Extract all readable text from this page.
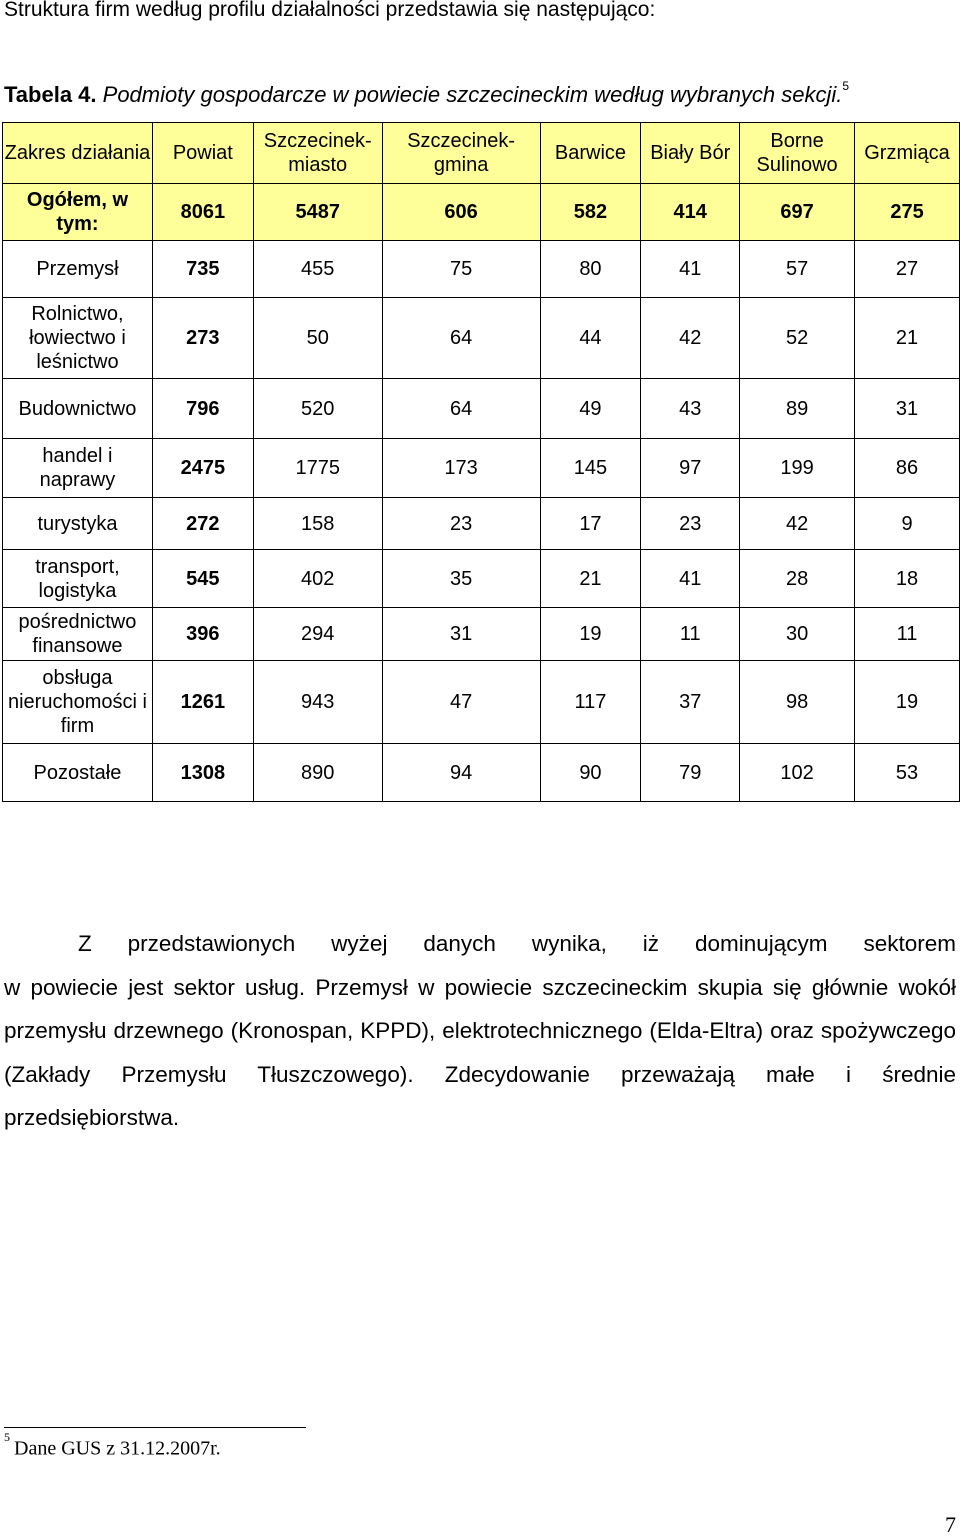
Struktura firm według profilu działalności przedstawia się następująco:
Tabela 4. Podmioty gospodarcze w powiecie szczecineckim według wybranych sekcji.$^5$
Zakres działania	Powiat	Szczecinek-miasto	Szczecinek-gmina	Barwice	Biały Bór	Borne Sulinowo	Grzmiąca
Ogółem, w tym:	8061	5487	606	582	414	697	275
Przemysł	735	455	75	80	41	57	27
Rolnictwo, łowiectwo i leśnictwo	273	50	64	44	42	52	21
Budownictwo	796	520	64	49	43	89	31
handel i naprawy	2475	1775	173	145	97	199	86
turystyka	272	158	23	17	23	42	9
transport, logistyka	545	402	35	21	41	28	18
pośrednictwo finansowe	396	294	31	19	11	30	11
obsługa nieruchomości i firm	1261	943	47	117	37	98	19
Pozostałe	1308	890	94	90	79	102	53
Z przedstawionych wyżej danych wynika, iż dominującym sektorem
w powiecie jest sektor usług. Przemysł w powiecie szczecineckim skupia się głównie wokół przemysłu drzewnego (Kronospan, KPPD), elektrotechnicznego (Elda-Eltra) oraz spożywczego (Zakłady Przemysłu Tłuszczowego). Zdecydowanie przeważają małe i średnie przedsiębiorstwa.
$^5$Dane GUS z 31.12.2007r.
7
